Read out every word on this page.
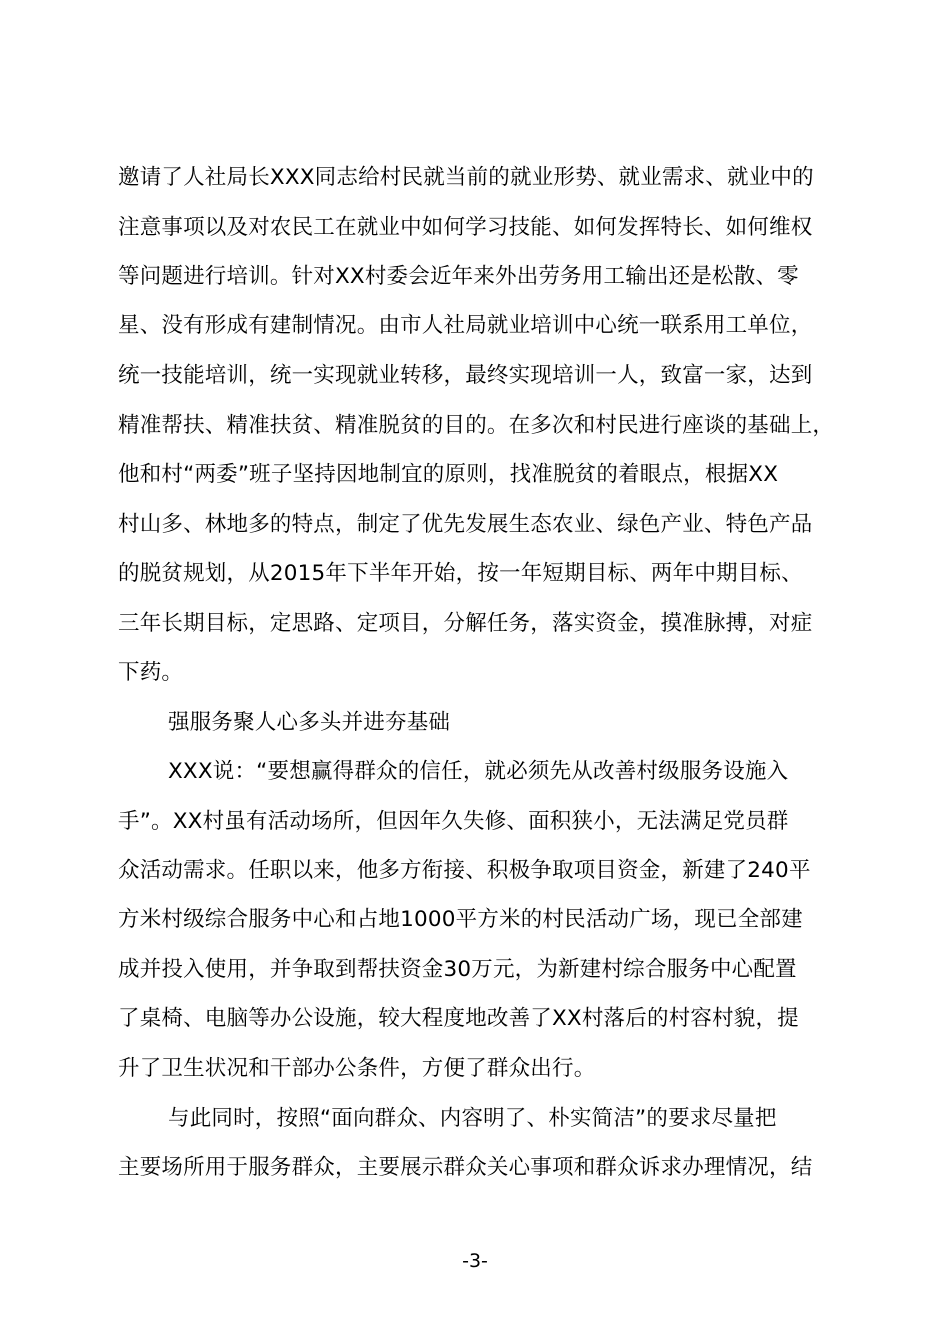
邀请了人社局长XXX同志给村民就当前的就业形势、就业需求、就业中的
注意事项以及对农民工在就业中如何学习技能、如何发挥特长、如何维权
等问题进行培训。针对XX村委会近年来外出劳务用工输出还是松散、零
星、没有形成有建制情况。由市人社局就业培训中心统一联系用工单位，
统一技能培训，统一实现就业转移，最终实现培训一人，致富一家，达到
精准帮扶、精准扶贫、精准脱贫的目的。在多次和村民进行座谈的基础上，
他和村“两委”班子坚持因地制宜的原则，找准脱贫的着眼点，根据XX
村山多、林地多的特点，制定了优先发展生态农业、绿色产业、特色产品
的脱贫规划，从2015年下半年开始，按一年短期目标、两年中期目标、
三年长期目标，定思路、定项目，分解任务，落实资金，摸准脉搏，对症
下药。
强服务聚人心多头并进夯基础
XXX说：“要想赢得群众的信任，就必须先从改善村级服务设施入
手”。XX村虽有活动场所，但因年久失修、面积狭小，无法满足党员群
众活动需求。任职以来，他多方衔接、积极争取项目资金，新建了240平
方米村级综合服务中心和占地1000平方米的村民活动广场，现已全部建
成并投入使用，并争取到帮扶资金30万元，为新建村综合服务中心配置
了桌椅、电脑等办公设施，较大程度地改善了XX村落后的村容村貌，提
升了卫生状况和干部办公条件，方便了群众出行。
与此同时，按照“面向群众、内容明了、朴实简洁”的要求尽量把
主要场所用于服务群众，主要展示群众关心事项和群众诉求办理情况，结
-3-
